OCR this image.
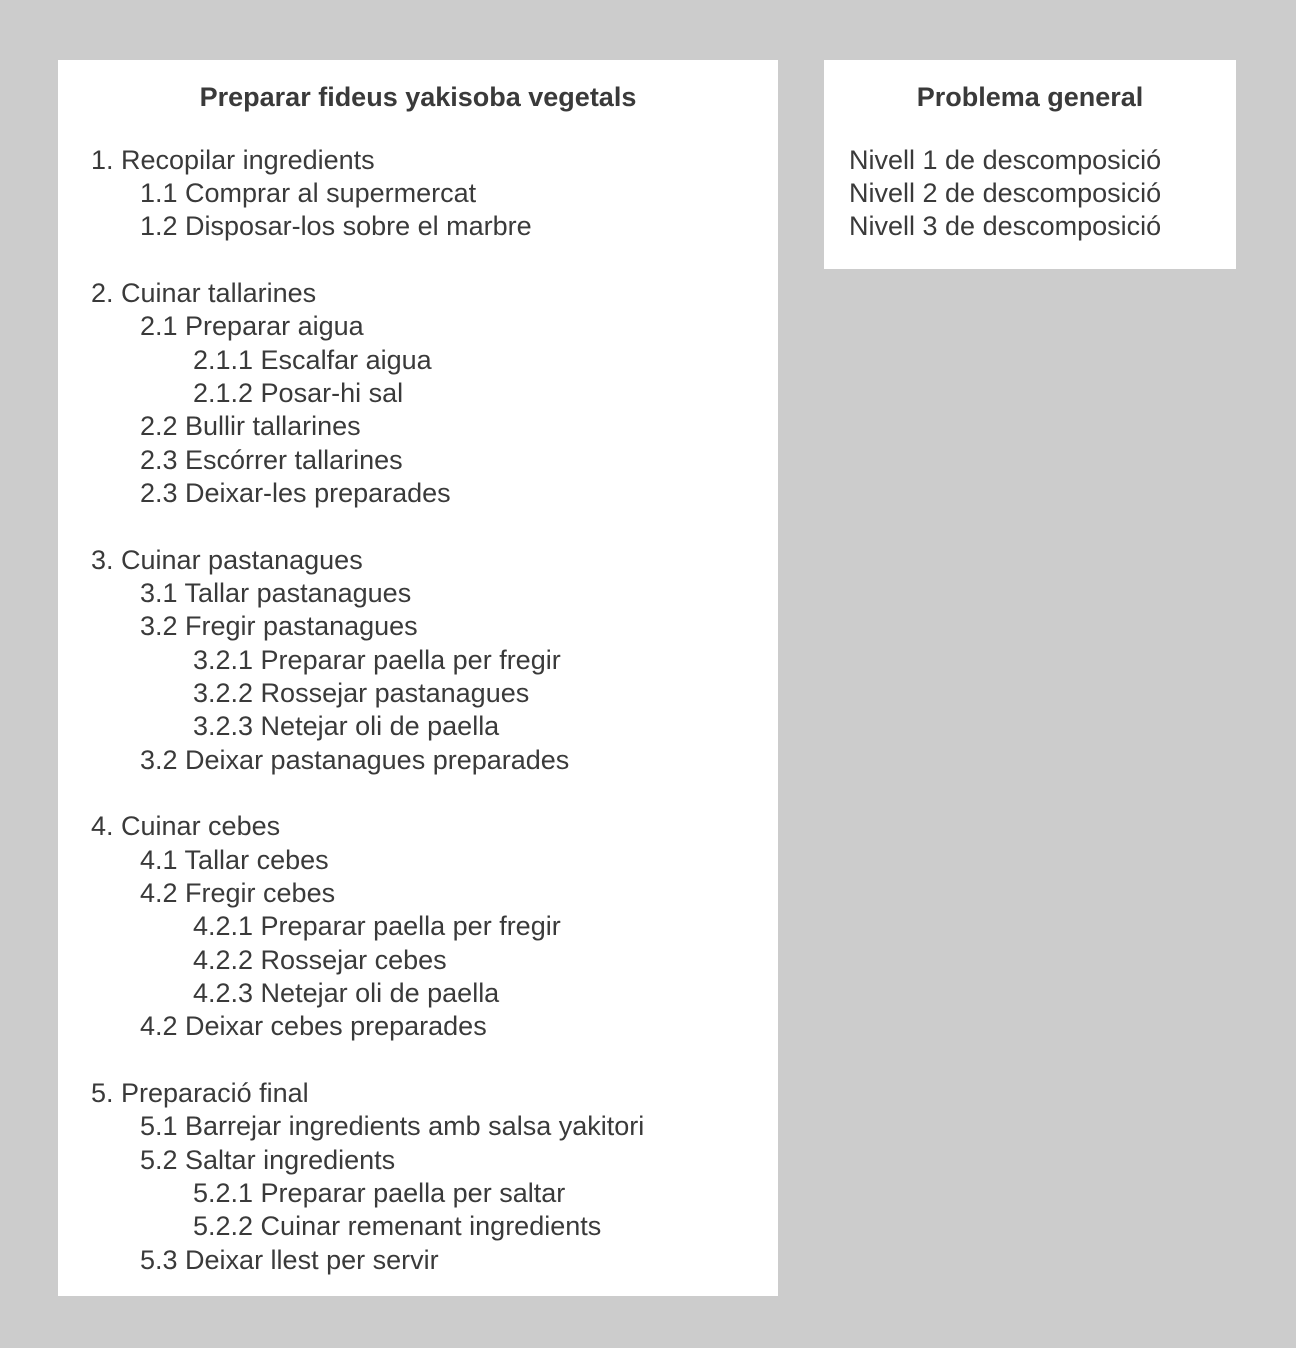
Preparar fideus yakisoba vegetals
1. Recopilar ingredients
1.1 Comprar al supermercat
1.2 Disposar-los sobre el marbre
2. Cuinar tallarines
2.1 Preparar aigua
2.1.1 Escalfar aigua
2.1.2 Posar-hi sal
2.2 Bullir tallarines
2.3 Escórrer tallarines
2.3 Deixar-les preparades
3. Cuinar pastanagues
3.1 Tallar pastanagues
3.2 Fregir pastanagues
3.2.1 Preparar paella per fregir
3.2.2 Rossejar pastanagues
3.2.3 Netejar oli de paella
3.2 Deixar pastanagues preparades
4. Cuinar cebes
4.1 Tallar cebes
4.2 Fregir cebes
4.2.1 Preparar paella per fregir
4.2.2 Rossejar cebes
4.2.3 Netejar oli de paella
4.2 Deixar cebes preparades
5. Preparació final
5.1 Barrejar ingredients amb salsa yakitori
5.2 Saltar ingredients
5.2.1 Preparar paella per saltar
5.2.2 Cuinar remenant ingredients
5.3 Deixar llest per servir
Problema general
Nivell 1 de descomposició
Nivell 2 de descomposició
Nivell 3 de descomposició
